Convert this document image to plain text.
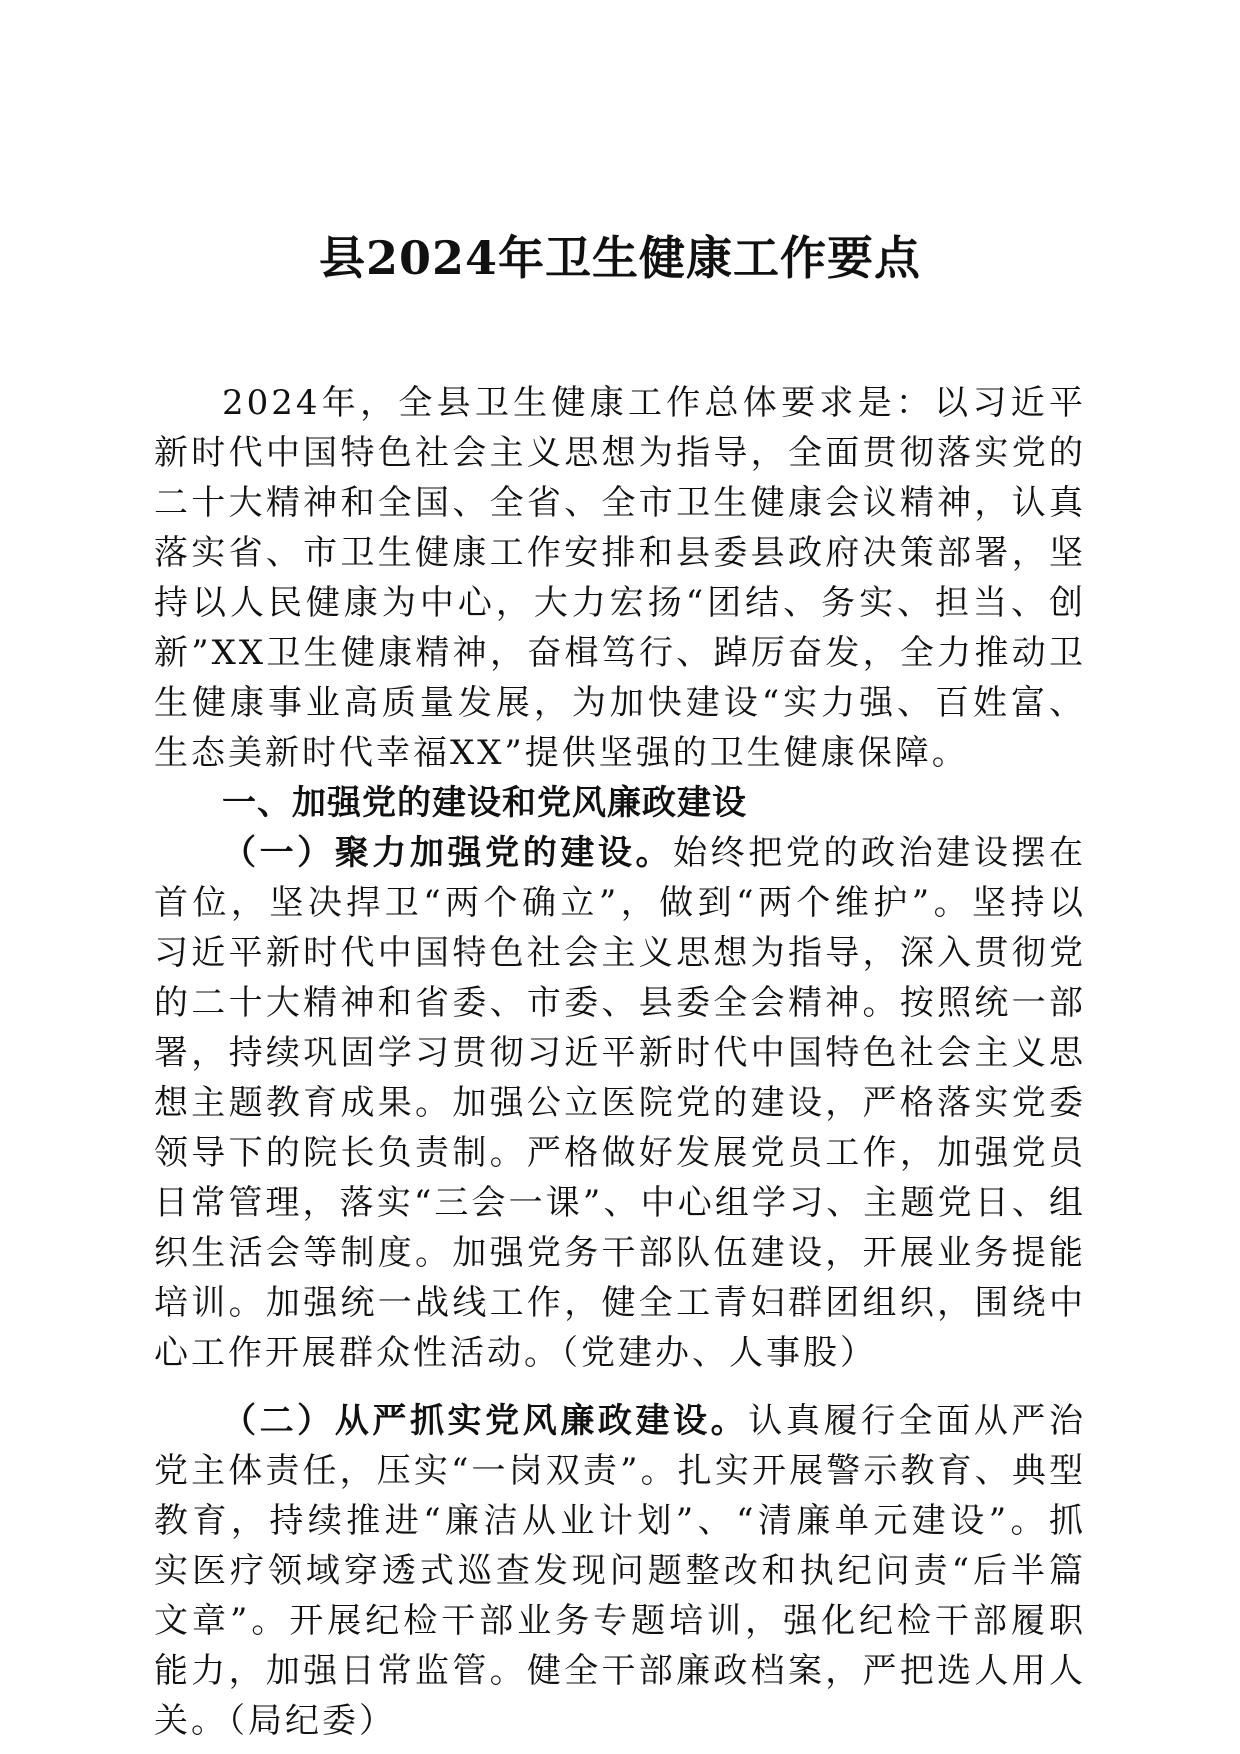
县2024年卫生健康工作要点

2024年，全县卫生健康工作总体要求是：以习近平新时代中国特色社会主义思想为指导，全面贯彻落实党的二十大精神和全国、全省、全市卫生健康会议精神，认真落实省、市卫生健康工作安排和县委县政府决策部署，坚持以人民健康为中心，大力宏扬“团结、务实、担当、创新”XX卫生健康精神，奋楫笃行、踔厉奋发，全力推动卫生健康事业高质量发展，为加快建设“实力强、百姓富、生态美新时代幸福XX”提供坚强的卫生健康保障。

一、加强党的建设和党风廉政建设

（一）聚力加强党的建设。始终把党的政治建设摆在首位，坚决捍卫“两个确立”，做到“两个维护”。坚持以习近平新时代中国特色社会主义思想为指导，深入贯彻党的二十大精神和省委、市委、县委全会精神。按照统一部署，持续巩固学习贯彻习近平新时代中国特色社会主义思想主题教育成果。加强公立医院党的建设，严格落实党委领导下的院长负责制。严格做好发展党员工作，加强党员日常管理，落实“三会一课”、中心组学习、主题党日、组织生活会等制度。加强党务干部队伍建设，开展业务提能培训。加强统一战线工作，健全工青妇群团组织，围绕中心工作开展群众性活动。（党建办、人事股）

（二）从严抓实党风廉政建设。认真履行全面从严治党主体责任，压实“一岗双责”。扎实开展警示教育、典型教育，持续推进“廉洁从业计划”、“清廉单元建设”。抓实医疗领域穿透式巡查发现问题整改和执纪问责“后半篇文章”。开展纪检干部业务专题培训，强化纪检干部履职能力，加强日常监管。健全干部廉政档案，严把选人用人关。（局纪委）
